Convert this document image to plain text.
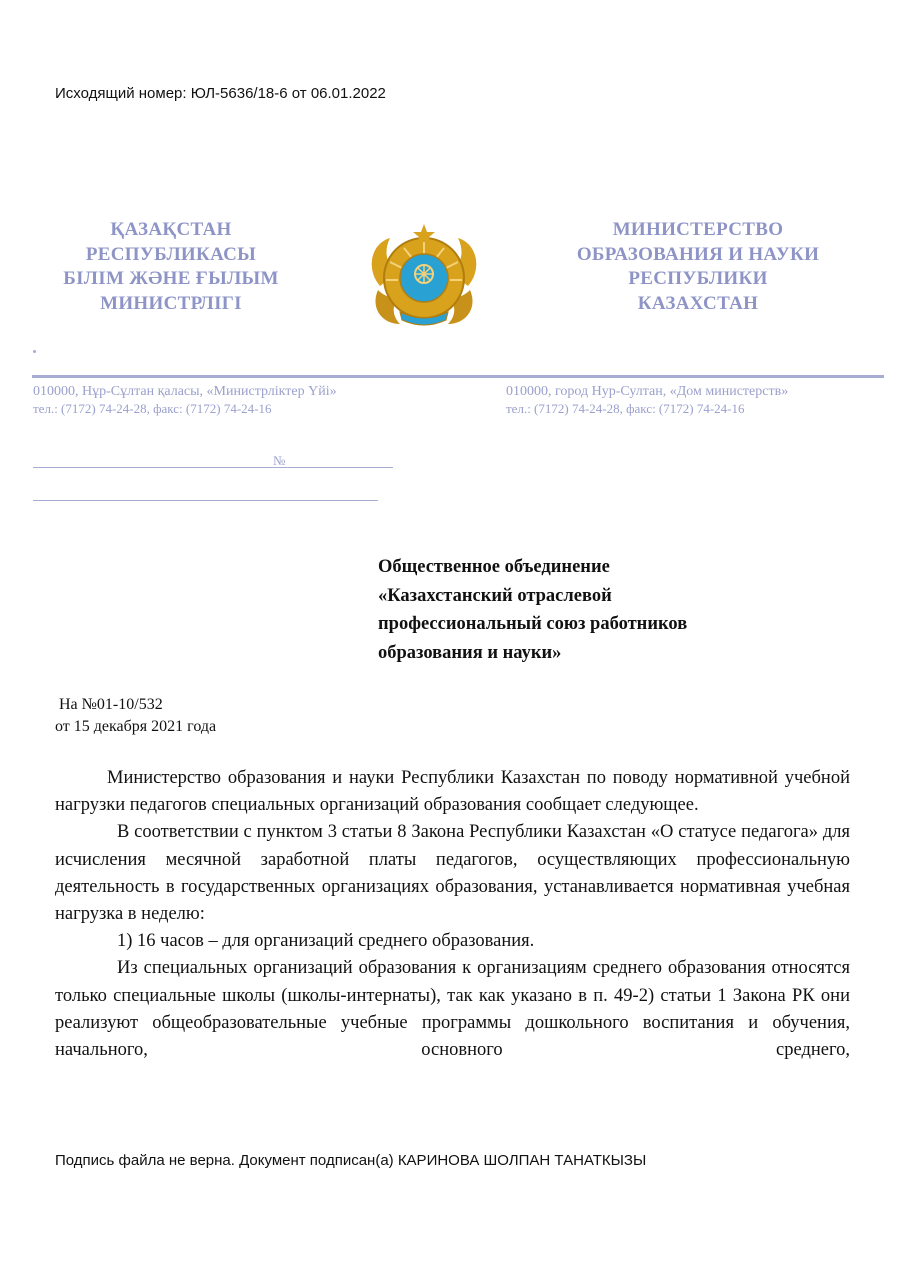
Исходящий номер: ЮЛ-5636/18-6 от 06.01.2022
ҚАЗАҚСТАН
РЕСПУБЛИКАСЫ
БІЛІМ ЖӘНЕ ҒЫЛЫМ
МИНИСТРЛІГІ
МИНИСТЕРСТВО
ОБРАЗОВАНИЯ И НАУКИ
РЕСПУБЛИКИ
КАЗАХСТАН
010000, Нұр-Сұлтан қаласы, «Министрліктер Үйі»
тел.: (7172) 74-24-28, факс: (7172) 74-24-16
010000, город Нур-Султан, «Дом министерств»
тел.: (7172) 74-24-28, факс: (7172) 74-24-16
№
Общественное объединение
«Казахстанский отраслевой
профессиональный союз работников
образования и науки»
На №01-10/532
от 15 декабря 2021 года

Министерство образования и науки Республики Казахстан по поводу нормативной учебной нагрузки педагогов специальных организаций образования сообщает следующее.

В соответствии с пунктом 3 статьи 8 Закона Республики Казахстан «О статусе педагога» для исчисления месячной заработной платы педагогов, осуществляющих профессиональную деятельность в государственных организациях образования, устанавливается нормативная учебная нагрузка в неделю:

1) 16 часов – для организаций среднего образования.

Из специальных организаций образования к организациям среднего образования относятся только специальные школы (школы-интернаты), так как указано в п. 49-2) статьи 1 Закона РК они реализуют общеобразовательные учебные программы дошкольного воспитания и обучения, начального, основного среднего,

Подпись файла не верна. Документ подписан(а) КАРИНОВА ШОЛПАН ТАНАТКЫЗЫ
